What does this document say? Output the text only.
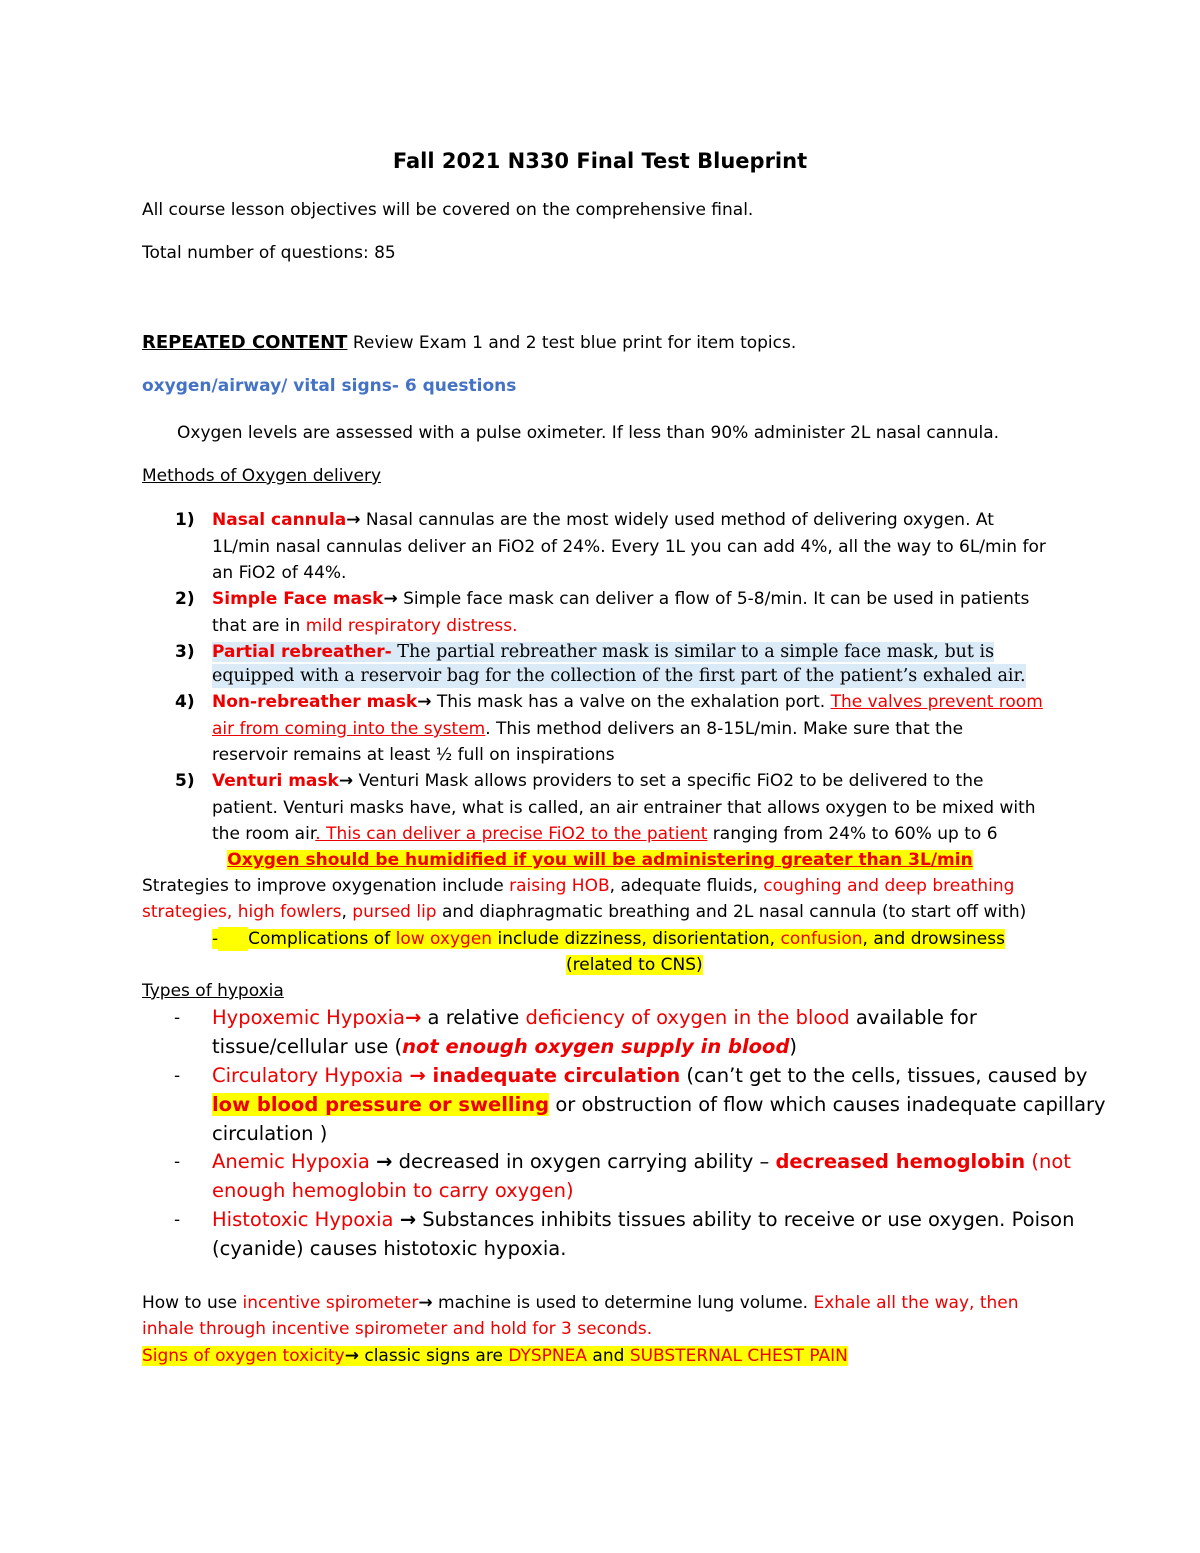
Fall 2021 N330 Final Test Blueprint
All course lesson objectives will be covered on the comprehensive final.
Total number of questions: 85
REPEATED CONTENT Review Exam 1 and 2 test blue print for item topics.
oxygen/airway/ vital signs- 6 questions
Oxygen levels are assessed with a pulse oximeter. If less than 90% administer 2L nasal cannula.
Methods of Oxygen delivery
1) Nasal cannula→ Nasal cannulas are the most widely used method of delivering oxygen. At
1L/min nasal cannulas deliver an FiO2 of 24%. Every 1L you can add 4%, all the way to 6L/min for
an FiO2 of 44%.
2) Simple Face mask→ Simple face mask can deliver a flow of 5-8/min. It can be used in patients
that are in mild respiratory distress.
3) Partial rebreather- The partial rebreather mask is similar to a simple face mask, but is
equipped with a reservoir bag for the collection of the first part of the patient’s exhaled air.
4) Non-rebreather mask→ This mask has a valve on the exhalation port. The valves prevent room
air from coming into the system. This method delivers an 8-15L/min. Make sure that the
reservoir remains at least ½ full on inspirations
5) Venturi mask→ Venturi Mask allows providers to set a specific FiO2 to be delivered to the
patient. Venturi masks have, what is called, an air entrainer that allows oxygen to be mixed with
the room air. This can deliver a precise FiO2 to the patient ranging from 24% to 60% up to 6
Oxygen should be humidified if you will be administering greater than 3L/min
Strategies to improve oxygenation include raising HOB, adequate fluids, coughing and deep breathing
strategies, high fowlers, pursed lip and diaphragmatic breathing and 2L nasal cannula (to start off with)
- Complications of low oxygen include dizziness, disorientation, confusion, and drowsiness
(related to CNS)
Types of hypoxia
- Hypoxemic Hypoxia→ a relative deficiency of oxygen in the blood available for
tissue/cellular use (not enough oxygen supply in blood)
- Circulatory Hypoxia → inadequate circulation (can’t get to the cells, tissues, caused by
low blood pressure or swelling or obstruction of flow which causes inadequate capillary
circulation )
- Anemic Hypoxia → decreased in oxygen carrying ability – decreased hemoglobin (not
enough hemoglobin to carry oxygen)
- Histotoxic Hypoxia → Substances inhibits tissues ability to receive or use oxygen. Poison
(cyanide) causes histotoxic hypoxia.
How to use incentive spirometer→ machine is used to determine lung volume. Exhale all the way, then
inhale through incentive spirometer and hold for 3 seconds.
Signs of oxygen toxicity→ classic signs are DYSPNEA and SUBSTERNAL CHEST PAIN
